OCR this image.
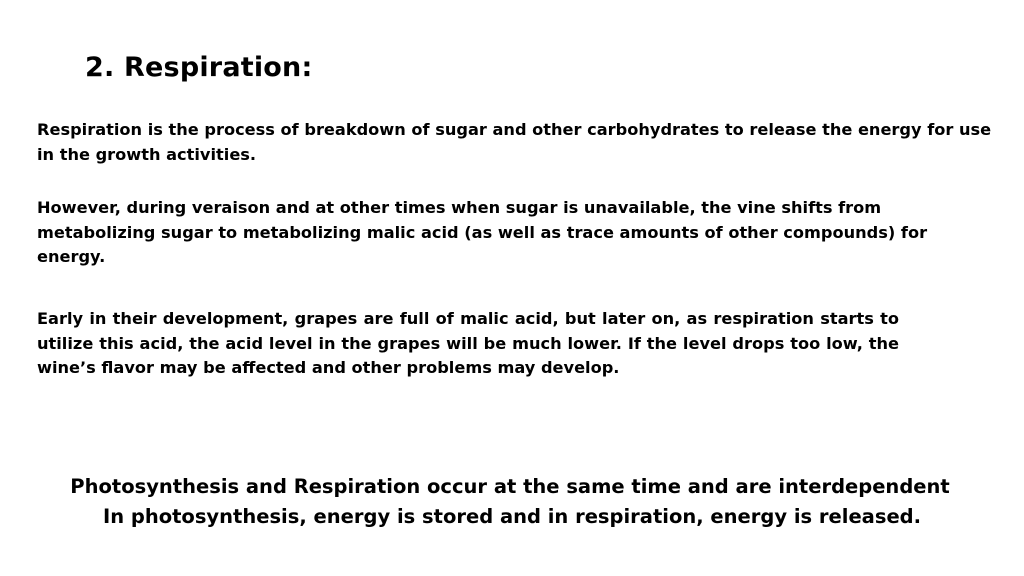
2. Respiration:

Respiration is the process of breakdown of sugar and other carbohydrates to release the energy for use in the growth activities.

However, during veraison and at other times when sugar is unavailable, the vine shifts from metabolizing sugar to metabolizing malic acid (as well as trace amounts of other compounds) for energy.

Early in their development, grapes are full of malic acid, but later on, as respiration starts to utilize this acid, the acid level in the grapes will be much lower. If the level drops too low, the wine’s flavor may be affected and other problems may develop.

Photosynthesis and Respiration occur at the same time and are interdependent

In photosynthesis, energy is stored and in respiration, energy is released.
